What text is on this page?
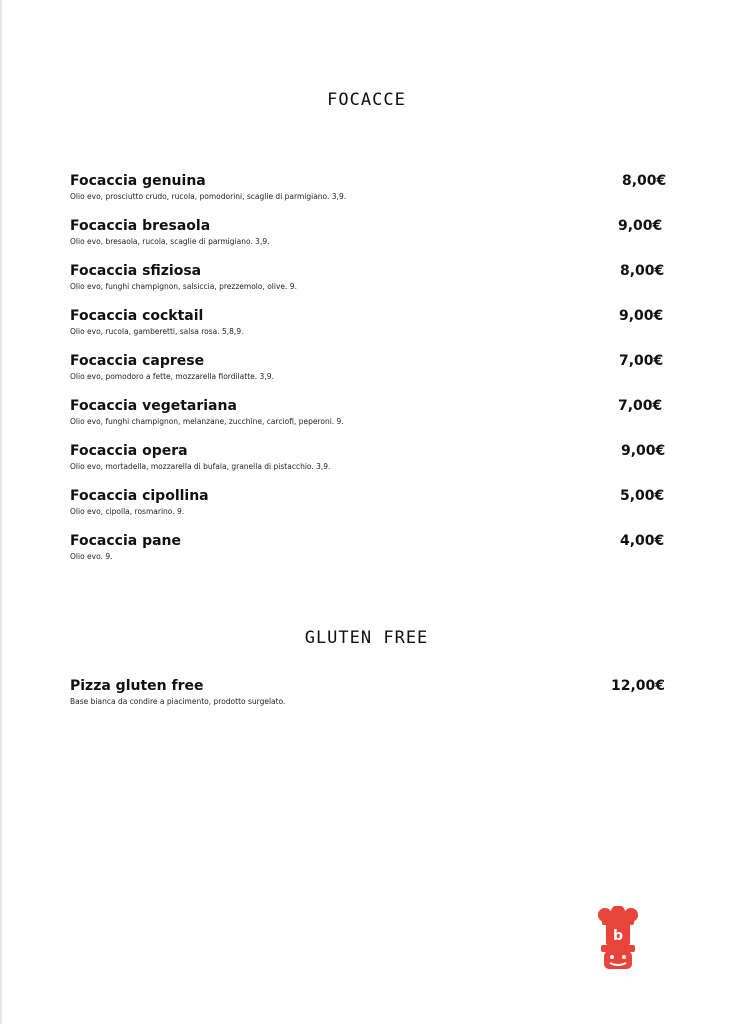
FOCACCE
Focaccia genuina
Olio evo, prosciutto crudo, rucola, pomodorini, scaglie di parmigiano. 3,9.
8,00€
Focaccia bresaola
Olio evo, bresaola, rucola, scaglie di parmigiano. 3,9.
9,00€
Focaccia sfiziosa
Olio evo, funghi champignon, salsiccia, prezzemolo, olive. 9.
8,00€
Focaccia cocktail
Olio evo, rucola, gamberetti, salsa rosa. 5,8,9.
9,00€
Focaccia caprese
Olio evo, pomodoro a fette, mozzarella fiordilatte. 3,9.
7,00€
Focaccia vegetariana
Olio evo, funghi champignon, melanzane, zucchine, carciofi, peperoni. 9.
7,00€
Focaccia opera
Olio evo, mortadella, mozzarella di bufala, granella di pistacchio. 3,9.
9,00€
Focaccia cipollina
Olio evo, cipolla, rosmarino. 9.
5,00€
Focaccia pane
Olio evo. 9.
4,00€
GLUTEN FREE
Pizza gluten free
Base bianca da condire a piacimento, prodotto surgelato.
12,00€
b
